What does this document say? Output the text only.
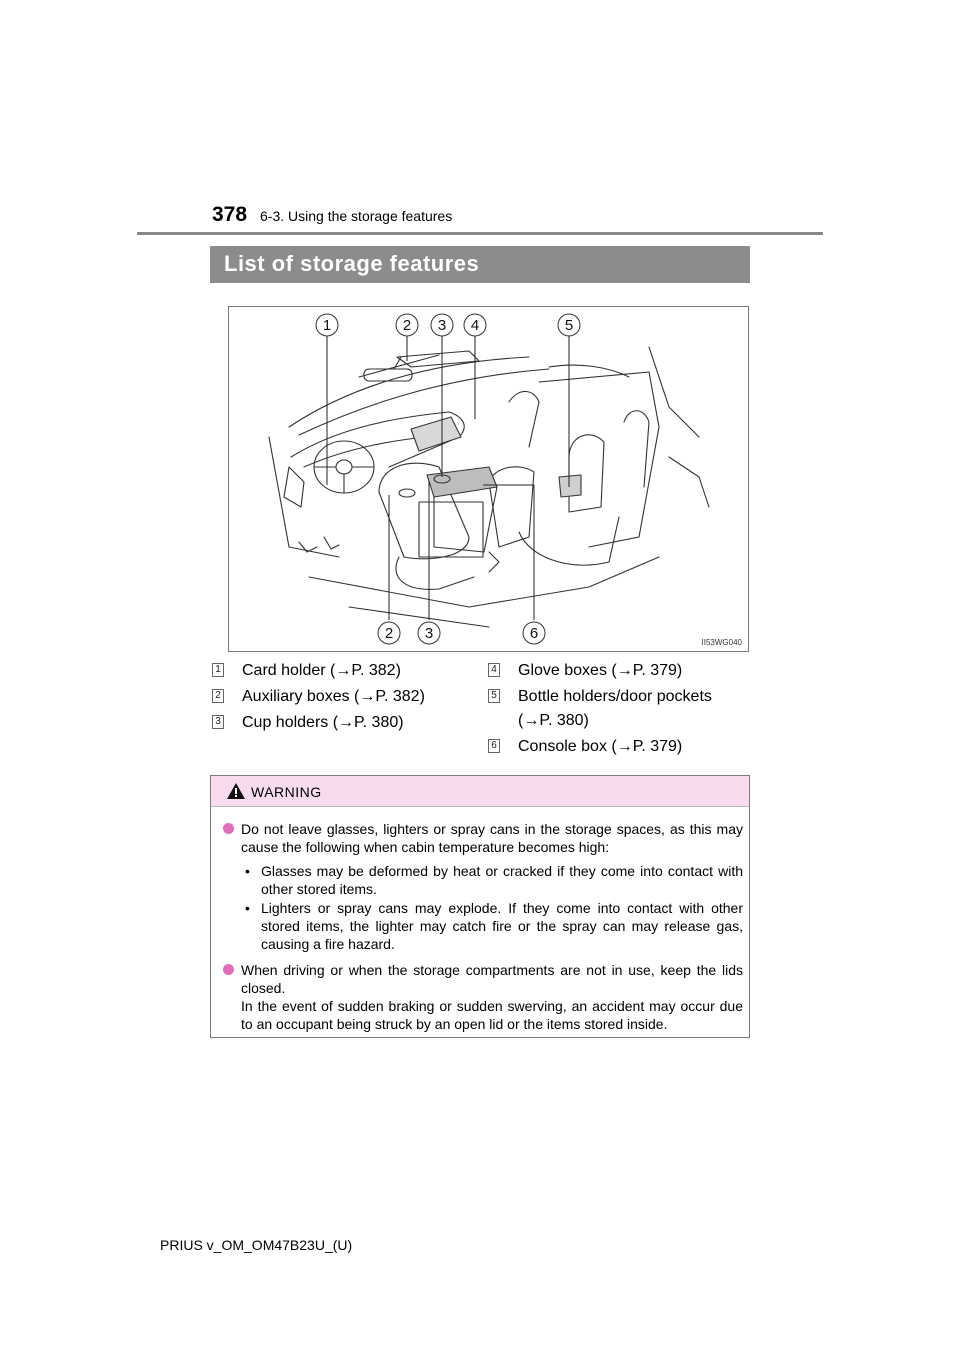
378 6-3. Using the storage features
List of storage features
1	2 3 4	5
2 3	6
II53WG040
1 Card holder (→P. 382)
2 Auxiliary boxes (→P. 382)
3 Cup holders (→P. 380)
4 Glove boxes (→P. 379)
5 Bottle holders/door pockets
(→P. 380)
6 Console box (→P. 379)
WARNING
Do not leave glasses, lighters or spray cans in the storage spaces, as this may cause the following when cabin temperature becomes high:
• Glasses may be deformed by heat or cracked if they come into contact with other stored items.
• Lighters or spray cans may explode. If they come into contact with other stored items, the lighter may catch fire or the spray can may release gas, causing a fire hazard.
When driving or when the storage compartments are not in use, keep the lids closed.
In the event of sudden braking or sudden swerving, an accident may occur due to an occupant being struck by an open lid or the items stored inside.
PRIUS v_OM_OM47B23U_(U)
